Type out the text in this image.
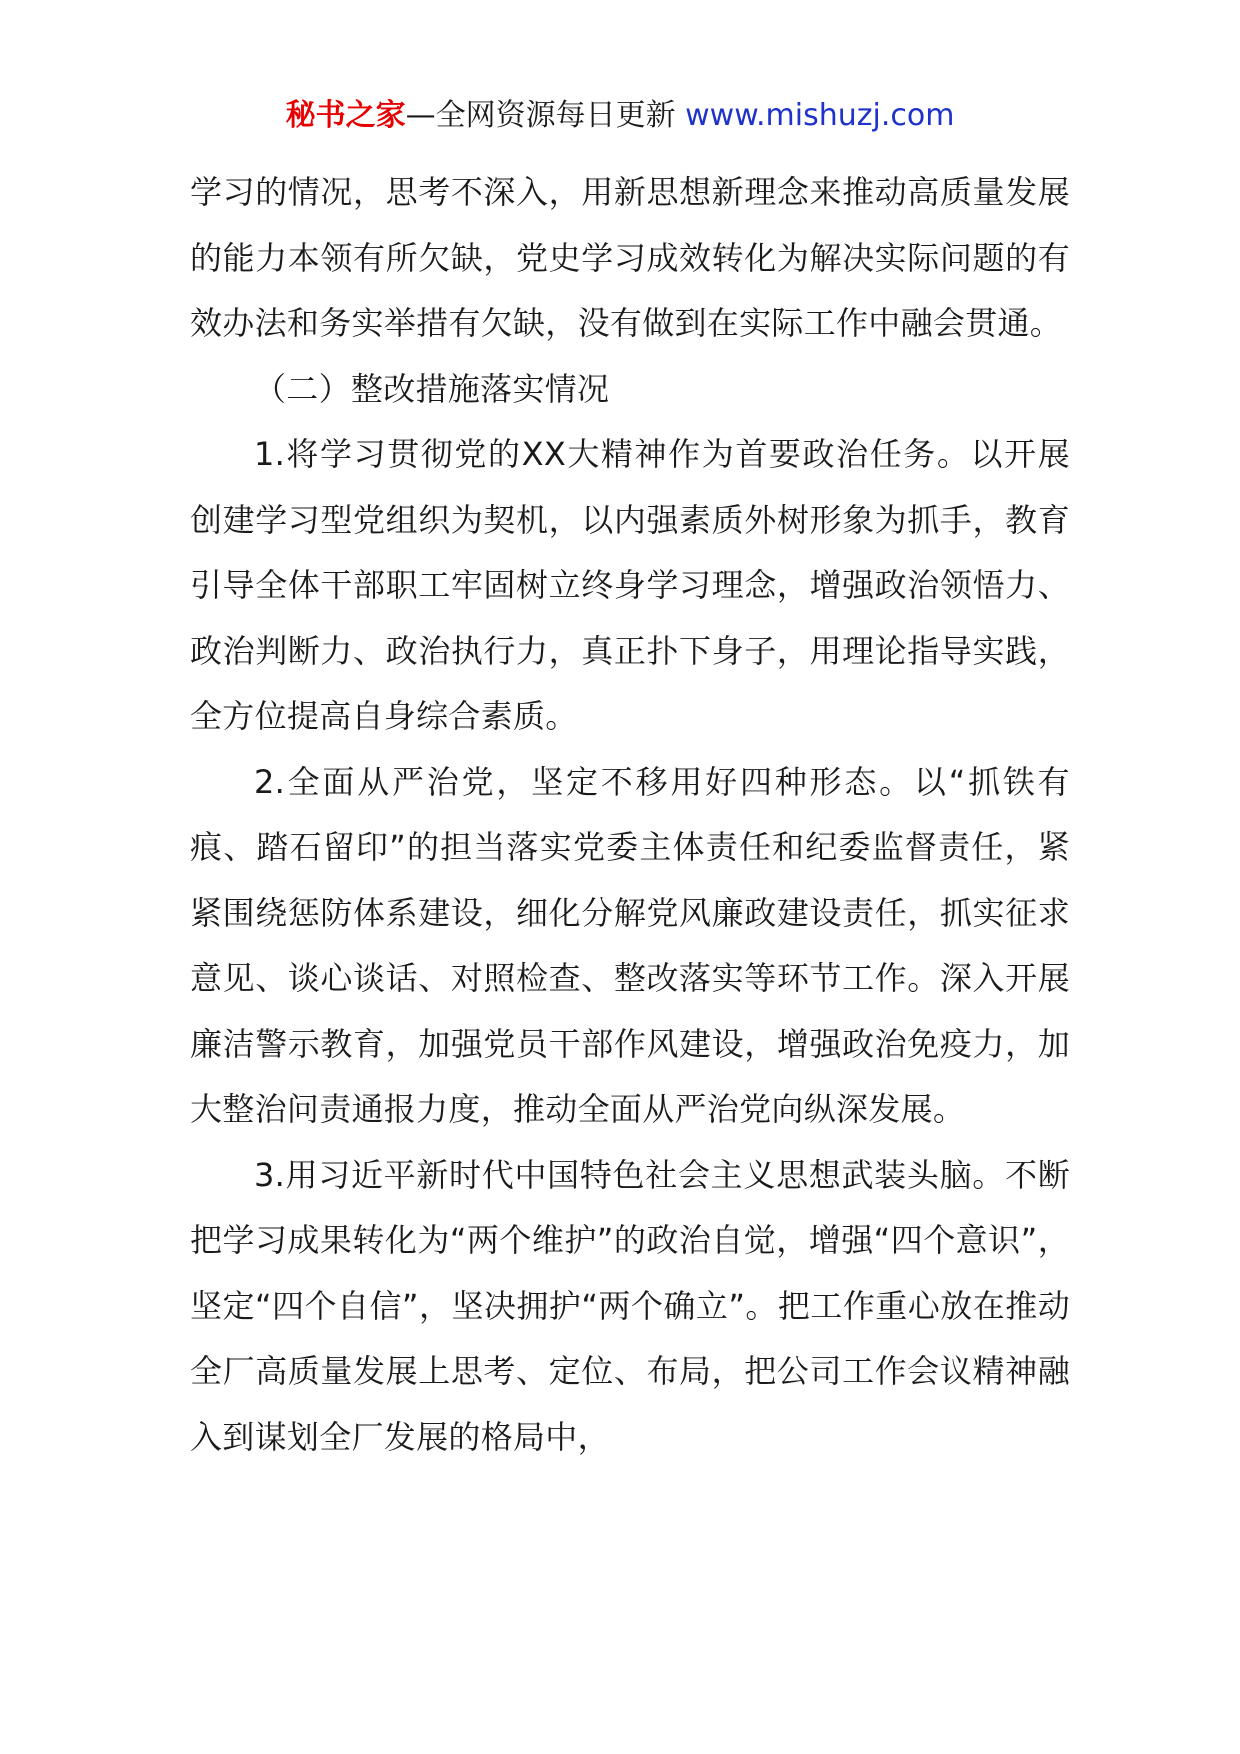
秘书之家—全网资源每日更新 www.mishuzj.com

学习的情况，思考不深入，用新思想新理念来推动高质量发展的能力本领有所欠缺，党史学习成效转化为解决实际问题的有效办法和务实举措有欠缺，没有做到在实际工作中融会贯通。

（二）整改措施落实情况

1.将学习贯彻党的XX大精神作为首要政治任务。以开展创建学习型党组织为契机，以内强素质外树形象为抓手，教育引导全体干部职工牢固树立终身学习理念，增强政治领悟力、政治判断力、政治执行力，真正扑下身子，用理论指导实践，全方位提高自身综合素质。

2.全面从严治党，坚定不移用好四种形态。以“抓铁有痕、踏石留印”的担当落实党委主体责任和纪委监督责任，紧紧围绕惩防体系建设，细化分解党风廉政建设责任，抓实征求意见、谈心谈话、对照检查、整改落实等环节工作。深入开展廉洁警示教育，加强党员干部作风建设，增强政治免疫力，加大整治问责通报力度，推动全面从严治党向纵深发展。

3.用习近平新时代中国特色社会主义思想武装头脑。不断把学习成果转化为“两个维护”的政治自觉，增强“四个意识”，坚定“四个自信”，坚决拥护“两个确立”。把工作重心放在推动全厂高质量发展上思考、定位、布局，把公司工作会议精神融入到谋划全厂发展的格局中，
